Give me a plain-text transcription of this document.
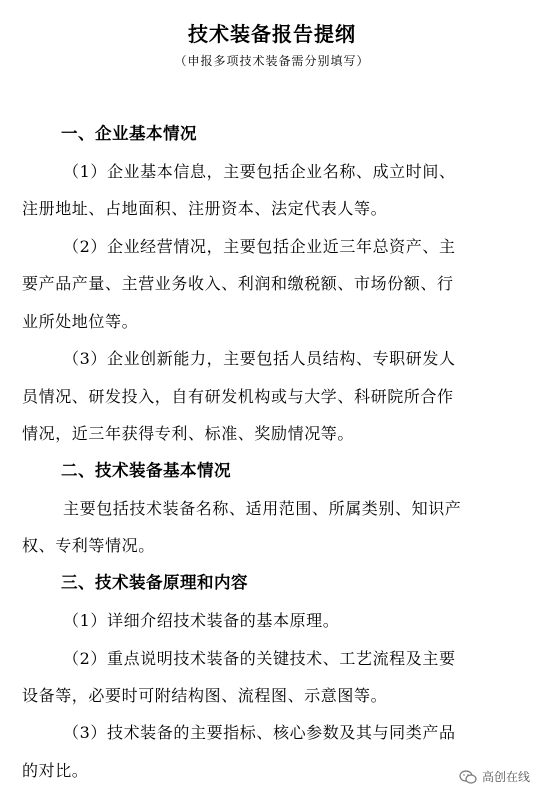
技术装备报告提纲
（申报多项技术装备需分别填写）
一、企业基本情况
（1）企业基本信息，主要包括企业名称、成立时间、
注册地址、占地面积、注册资本、法定代表人等。
（2）企业经营情况，主要包括企业近三年总资产、主
要产品产量、主营业务收入、利润和缴税额、市场份额、行
业所处地位等。
（3）企业创新能力，主要包括人员结构、专职研发人
员情况、研发投入，自有研发机构或与大学、科研院所合作
情况，近三年获得专利、标准、奖励情况等。
二、技术装备基本情况
主要包括技术装备名称、适用范围、所属类别、知识产
权、专利等情况。
三、技术装备原理和内容
（1）详细介绍技术装备的基本原理。
（2）重点说明技术装备的关键技术、工艺流程及主要
设备等，必要时可附结构图、流程图、示意图等。
（3）技术装备的主要指标、核心参数及其与同类产品
的对比。	高创在线
